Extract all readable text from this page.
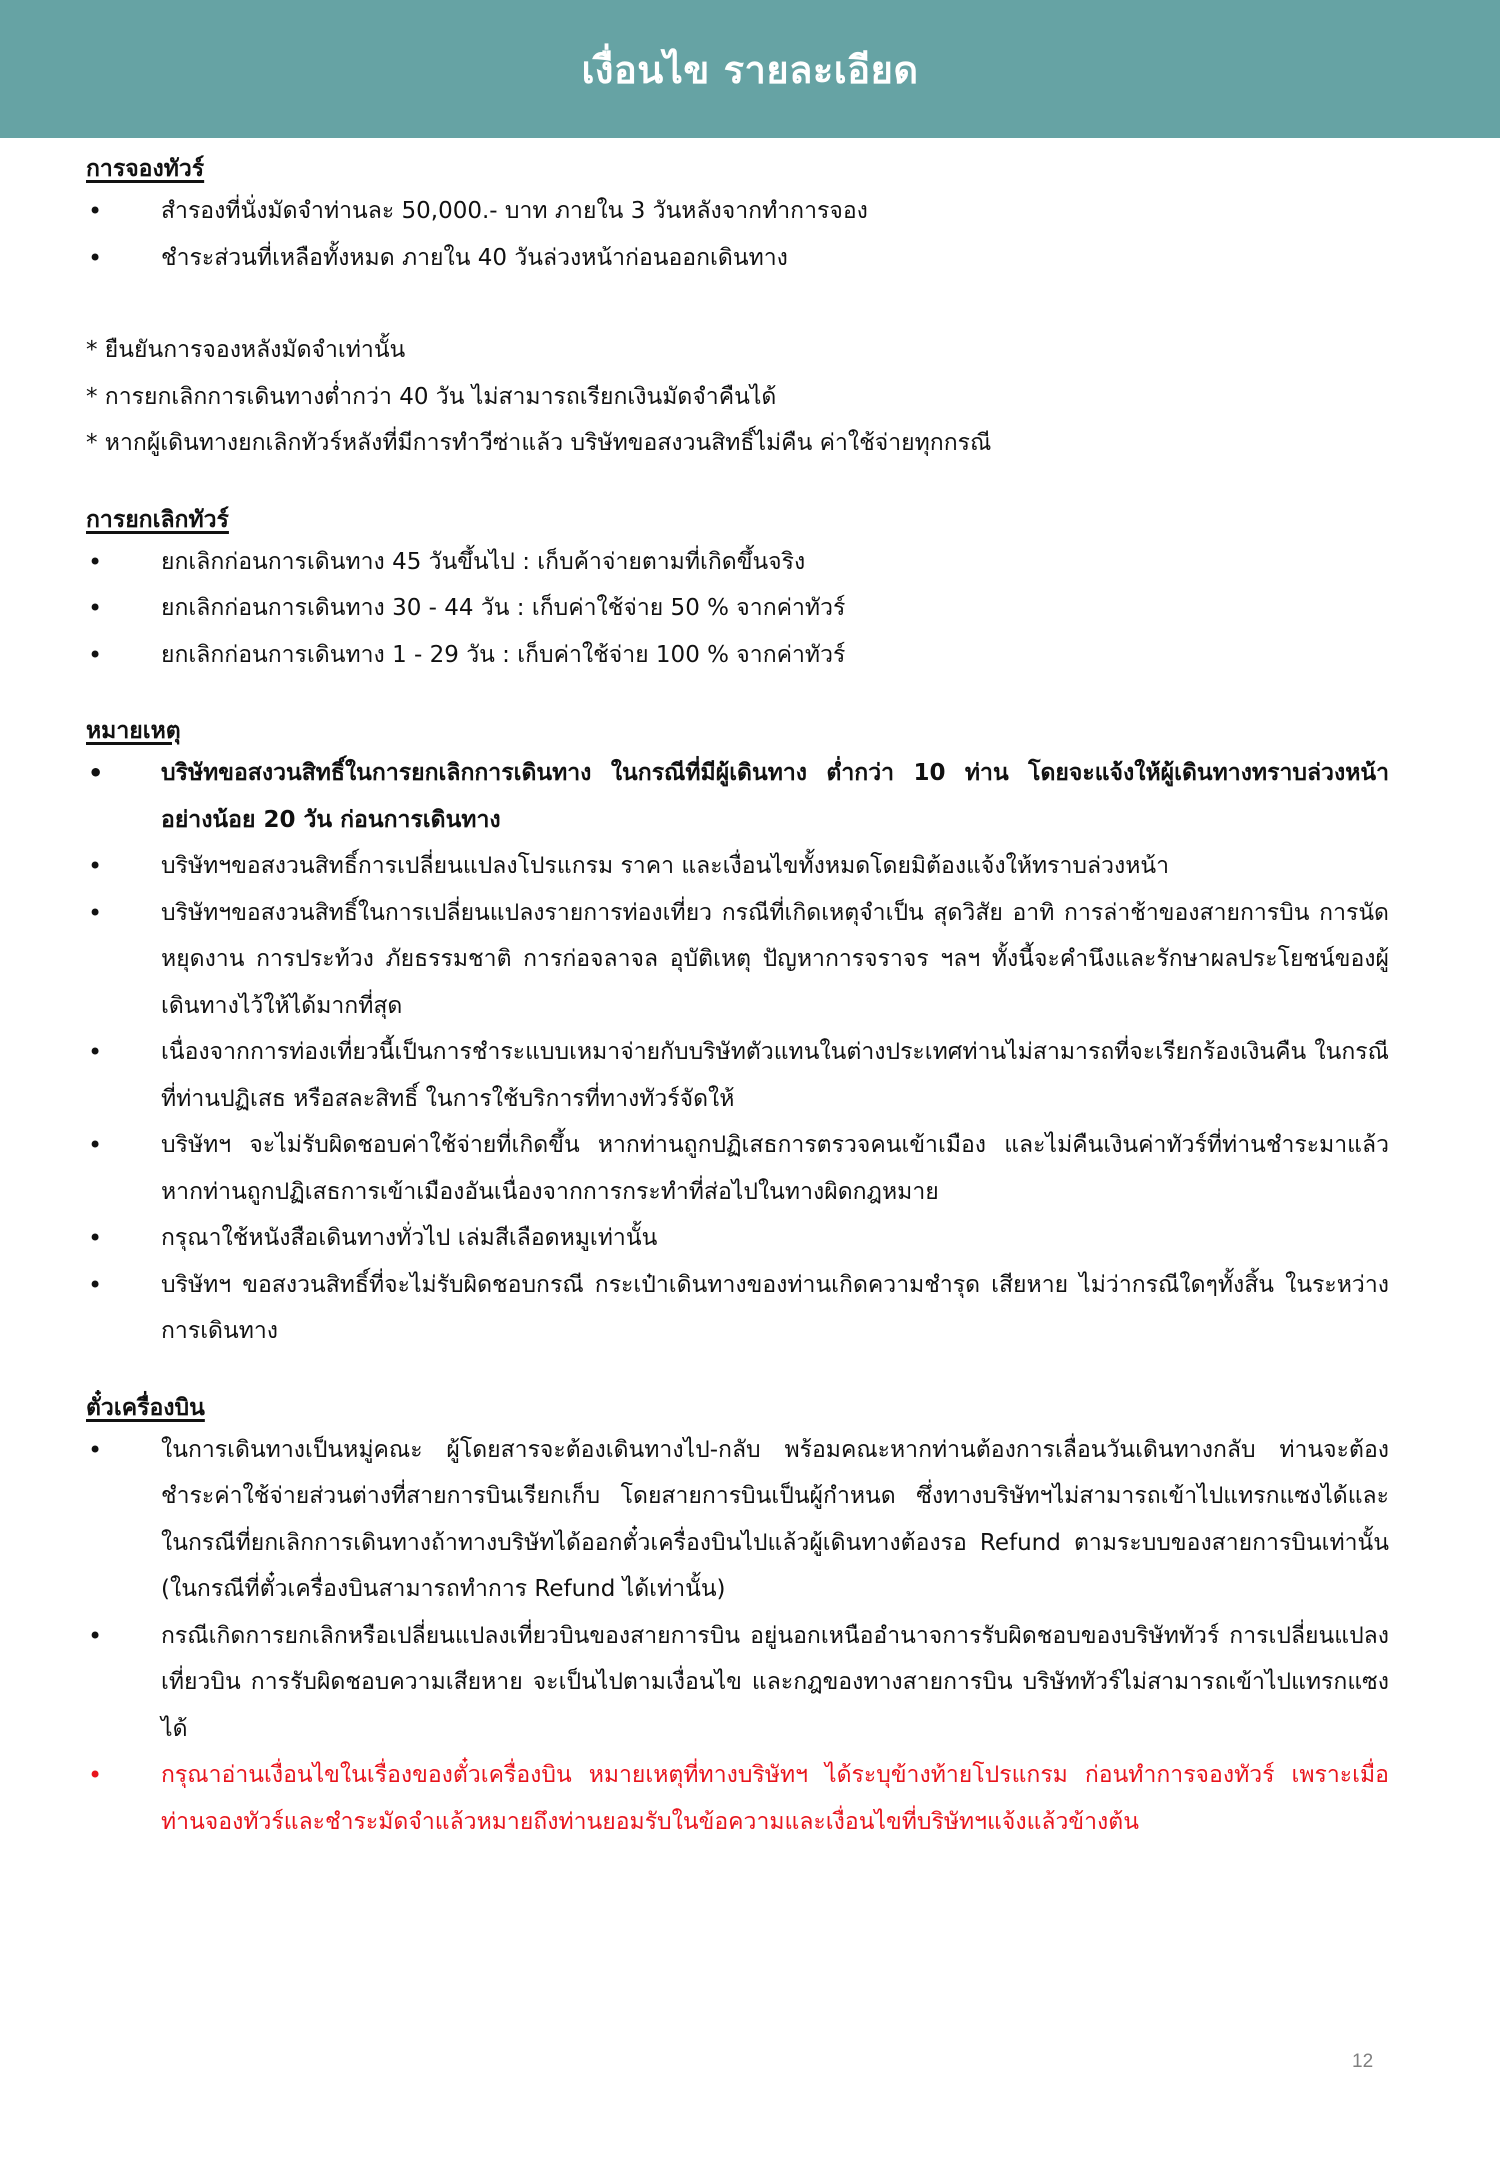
เงื่อนไข รายละเอียด
การจองทัวร์
•	สำรองที่นั่งมัดจำท่านละ 50,000.- บาท ภายใน 3 วันหลังจากทำการจอง
•	ชำระส่วนที่เหลือทั้งหมด ภายใน 40 วันล่วงหน้าก่อนออกเดินทาง

* ยืนยันการจองหลังมัดจำเท่านั้น

* การยกเลิกการเดินทางต่ำกว่า 40 วัน ไม่สามารถเรียกเงินมัดจำคืนได้

* หากผู้เดินทางยกเลิกทัวร์หลังที่มีการทำวีซ่าแล้ว บริษัทขอสงวนสิทธิ์ไม่คืน ค่าใช้จ่ายทุกกรณี

การยกเลิกทัวร์
•	ยกเลิกก่อนการเดินทาง 45 วันขึ้นไป : เก็บค้าจ่ายตามที่เกิดขึ้นจริง
•	ยกเลิกก่อนการเดินทาง 30 - 44 วัน : เก็บค่าใช้จ่าย 50 % จากค่าทัวร์
•	ยกเลิกก่อนการเดินทาง 1 - 29 วัน : เก็บค่าใช้จ่าย 100 % จากค่าทัวร์
หมายเหตุ
•	บริษัทขอสงวนสิทธิ์ในการยกเลิกการเดินทาง ในกรณีที่มีผู้เดินทาง ต่ำกว่า 10 ท่าน โดยจะแจ้งให้ผู้เดินทางทราบล่วงหน้า อย่างน้อย 20 วัน ก่อนการเดินทาง
•	บริษัทฯขอสงวนสิทธิ์การเปลี่ยนแปลงโปรแกรม ราคา และเงื่อนไขทั้งหมดโดยมิต้องแจ้งให้ทราบล่วงหน้า
•	บริษัทฯขอสงวนสิทธิ์ในการเปลี่ยนแปลงรายการท่องเที่ยว กรณีที่เกิดเหตุจำเป็น สุดวิสัย อาทิ การล่าช้าของสายการบิน การนัดหยุดงาน การประท้วง ภัยธรรมชาติ การก่อจลาจล อุบัติเหตุ ปัญหาการจราจร ฯลฯ ทั้งนี้จะคำนึงและรักษาผลประโยชน์ของผู้เดินทางไว้ให้ได้มากที่สุด
•	เนื่องจากการท่องเที่ยวนี้เป็นการชำระแบบเหมาจ่ายกับบริษัทตัวแทนในต่างประเทศท่านไม่สามารถที่จะเรียกร้องเงินคืน ในกรณีที่ท่านปฏิเสธ หรือสละสิทธิ์ ในการใช้บริการที่ทางทัวร์จัดให้
•	บริษัทฯ จะไม่รับผิดชอบค่าใช้จ่ายที่เกิดขึ้น หากท่านถูกปฏิเสธการตรวจคนเข้าเมือง และไม่คืนเงินค่าทัวร์ที่ท่านชำระมาแล้ว หากท่านถูกปฏิเสธการเข้าเมืองอันเนื่องจากการกระทำที่ส่อไปในทางผิดกฎหมาย
•	กรุณาใช้หนังสือเดินทางทั่วไป เล่มสีเลือดหมูเท่านั้น
•	บริษัทฯ ขอสงวนสิทธิ์ที่จะไม่รับผิดชอบกรณี กระเป๋าเดินทางของท่านเกิดความชำรุด เสียหาย ไม่ว่ากรณีใดๆทั้งสิ้น ในระหว่างการเดินทาง
ตั๋วเครื่องบิน
•	ในการเดินทางเป็นหมู่คณะ ผู้โดยสารจะต้องเดินทางไป-กลับ พร้อมคณะหากท่านต้องการเลื่อนวันเดินทางกลับ ท่านจะต้องชำระค่าใช้จ่ายส่วนต่างที่สายการบินเรียกเก็บ โดยสายการบินเป็นผู้กำหนด ซึ่งทางบริษัทฯไม่สามารถเข้าไปแทรกแซงได้และในกรณีที่ยกเลิกการเดินทางถ้าทางบริษัทได้ออกตั๋วเครื่องบินไปแล้วผู้เดินทางต้องรอ Refund ตามระบบของสายการบินเท่านั้น (ในกรณีที่ตั๋วเครื่องบินสามารถทำการ Refund ได้เท่านั้น)
•	กรณีเกิดการยกเลิกหรือเปลี่ยนแปลงเที่ยวบินของสายการบิน อยู่นอกเหนืออำนาจการรับผิดชอบของบริษัททัวร์ การเปลี่ยนแปลงเที่ยวบิน การรับผิดชอบความเสียหาย จะเป็นไปตามเงื่อนไข และกฎของทางสายการบิน บริษัททัวร์ไม่สามารถเข้าไปแทรกแซงได้
•	กรุณาอ่านเงื่อนไขในเรื่องของตั๋วเครื่องบิน หมายเหตุที่ทางบริษัทฯ ได้ระบุข้างท้ายโปรแกรม ก่อนทำการจองทัวร์ เพราะเมื่อท่านจองทัวร์และชำระมัดจำแล้วหมายถึงท่านยอมรับในข้อความและเงื่อนไขที่บริษัทฯแจ้งแล้วข้างต้น
12
